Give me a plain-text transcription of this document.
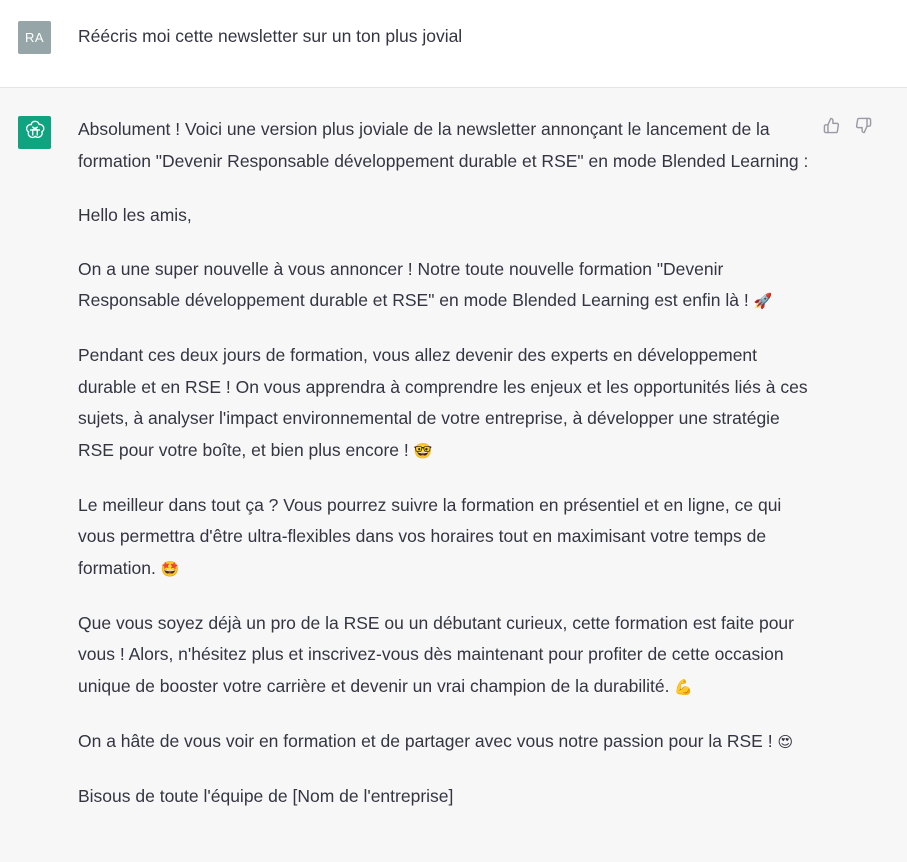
RA	Réécris moi cette newsletter sur un ton plus jovial

Absolument ! Voici une version plus joviale de la newsletter annonçant le lancement de la formation "Devenir Responsable développement durable et RSE" en mode Blended Learning :

Hello les amis,

On a une super nouvelle à vous annoncer ! Notre toute nouvelle formation "Devenir Responsable développement durable et RSE" en mode Blended Learning est enfin là ! 🚀

Pendant ces deux jours de formation, vous allez devenir des experts en développement durable et en RSE ! On vous apprendra à comprendre les enjeux et les opportunités liés à ces sujets, à analyser l'impact environnemental de votre entreprise, à développer une stratégie RSE pour votre boîte, et bien plus encore ! 🤓

Le meilleur dans tout ça ? Vous pourrez suivre la formation en présentiel et en ligne, ce qui vous permettra d'être ultra-flexibles dans vos horaires tout en maximisant votre temps de formation. 🤩

Que vous soyez déjà un pro de la RSE ou un débutant curieux, cette formation est faite pour vous ! Alors, n'hésitez plus et inscrivez-vous dès maintenant pour profiter de cette occasion unique de booster votre carrière et devenir un vrai champion de la durabilité. 💪

On a hâte de vous voir en formation et de partager avec vous notre passion pour la RSE ! 😍

Bisous de toute l'équipe de [Nom de l'entreprise]
